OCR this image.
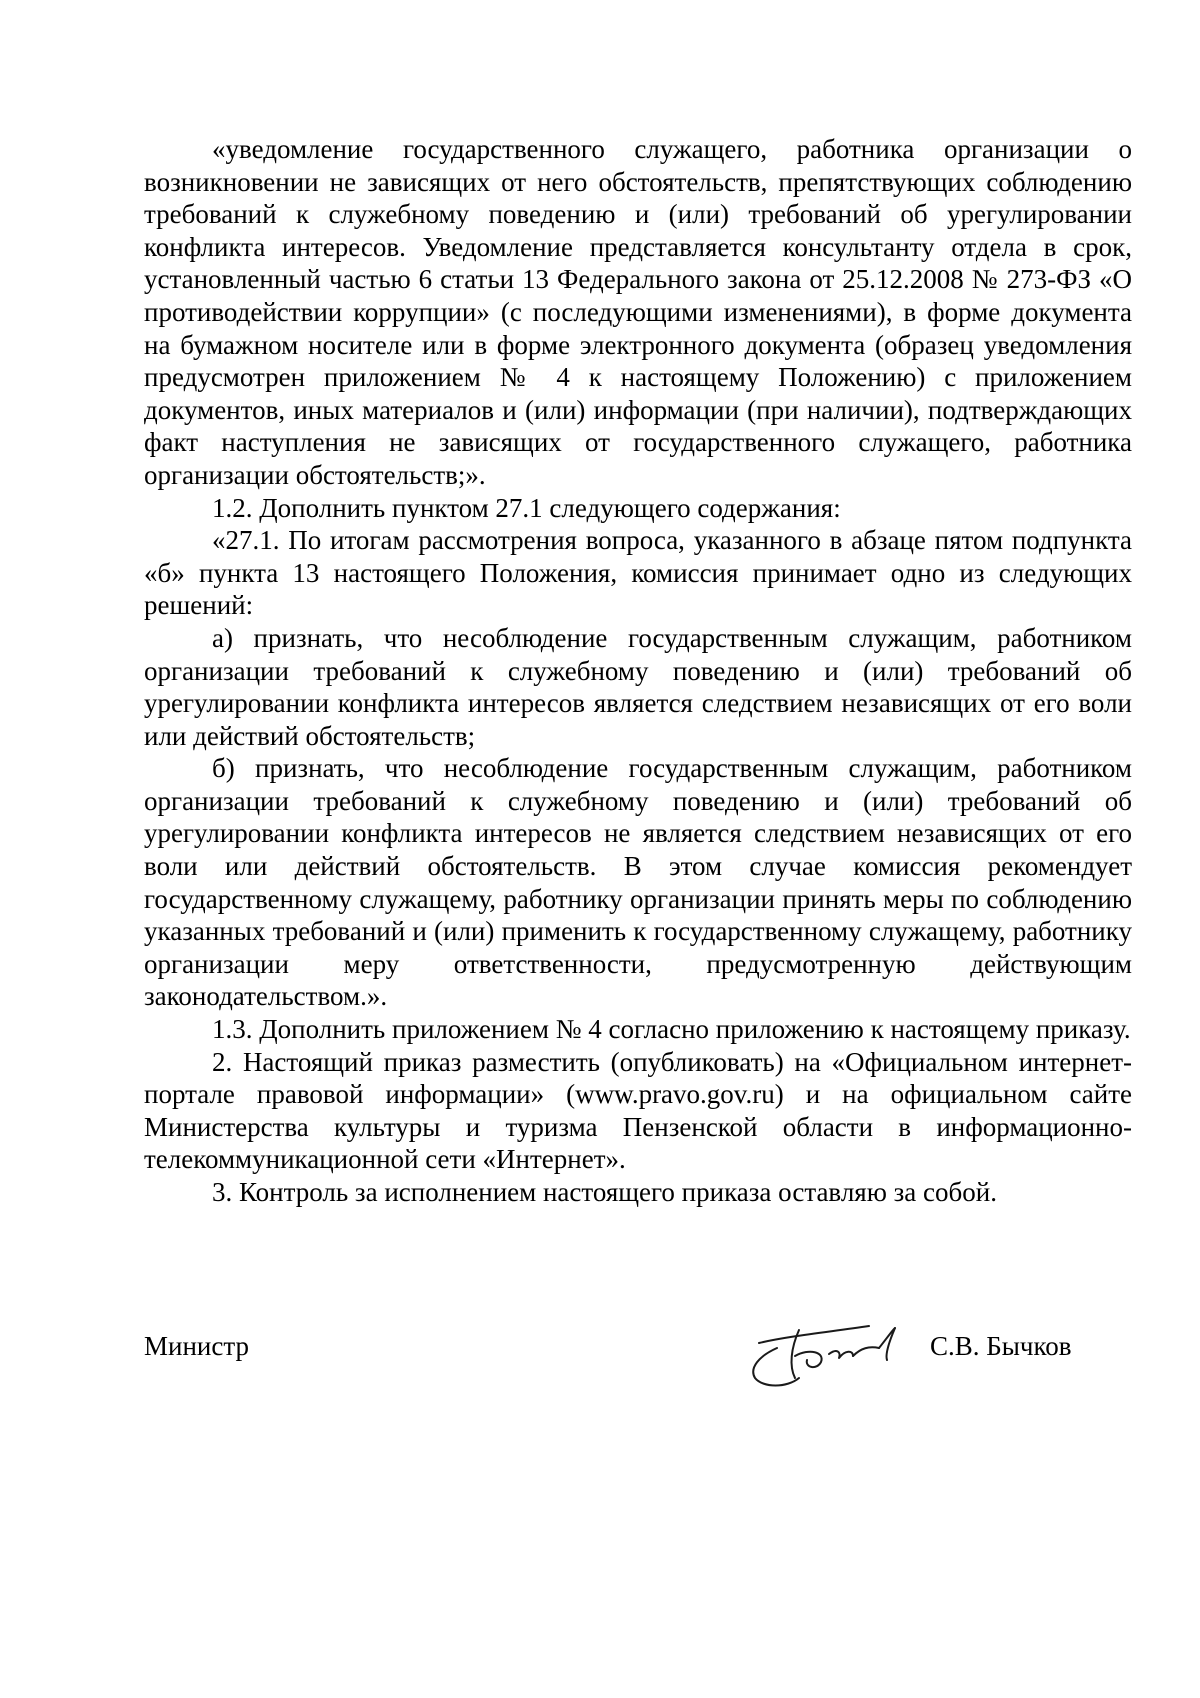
«уведомление государственного служащего, работника организации о возникновении не зависящих от него обстоятельств, препятствующих соблюдению требований к служебному поведению и (или) требований об урегулировании конфликта интересов. Уведомление представляется консультанту отдела в срок, установленный частью 6 статьи 13 Федерального закона от 25.12.2008 № 273-ФЗ «О противодействии коррупции» (с последующими изменениями), в форме документа на бумажном носителе или в форме электронного документа (образец уведомления предусмотрен приложением № 4 к настоящему Положению) с приложением документов, иных материалов и (или) информации (при наличии), подтверждающих факт наступления не зависящих от государственного служащего, работника организации обстоятельств;».

1.2. Дополнить пунктом 27.1 следующего содержания:

«27.1. По итогам рассмотрения вопроса, указанного в абзаце пятом подпункта «б» пункта 13 настоящего Положения, комиссия принимает одно из следующих решений:

а) признать, что несоблюдение государственным служащим, работником организации требований к служебному поведению и (или) требований об урегулировании конфликта интересов является следствием независящих от его воли или действий обстоятельств;

б) признать, что несоблюдение государственным служащим, работником организации требований к служебному поведению и (или) требований об урегулировании конфликта интересов не является следствием независящих от его воли или действий обстоятельств. В этом случае комиссия рекомендует государственному служащему, работнику организации принять меры по соблюдению указанных требований и (или) применить к государственному служащему, работнику организации меру ответственности, предусмотренную действующим законодательством.».

1.3. Дополнить приложением № 4 согласно приложению к настоящему приказу.

2. Настоящий приказ разместить (опубликовать) на «Официальном интернет-портале правовой информации» (www.pravo.gov.ru) и на официальном сайте Министерства культуры и туризма Пензенской области в информационно-телекоммуникационной сети «Интернет».

3. Контроль за исполнением настоящего приказа оставляю за собой.

Министр	С.В. Бычков
